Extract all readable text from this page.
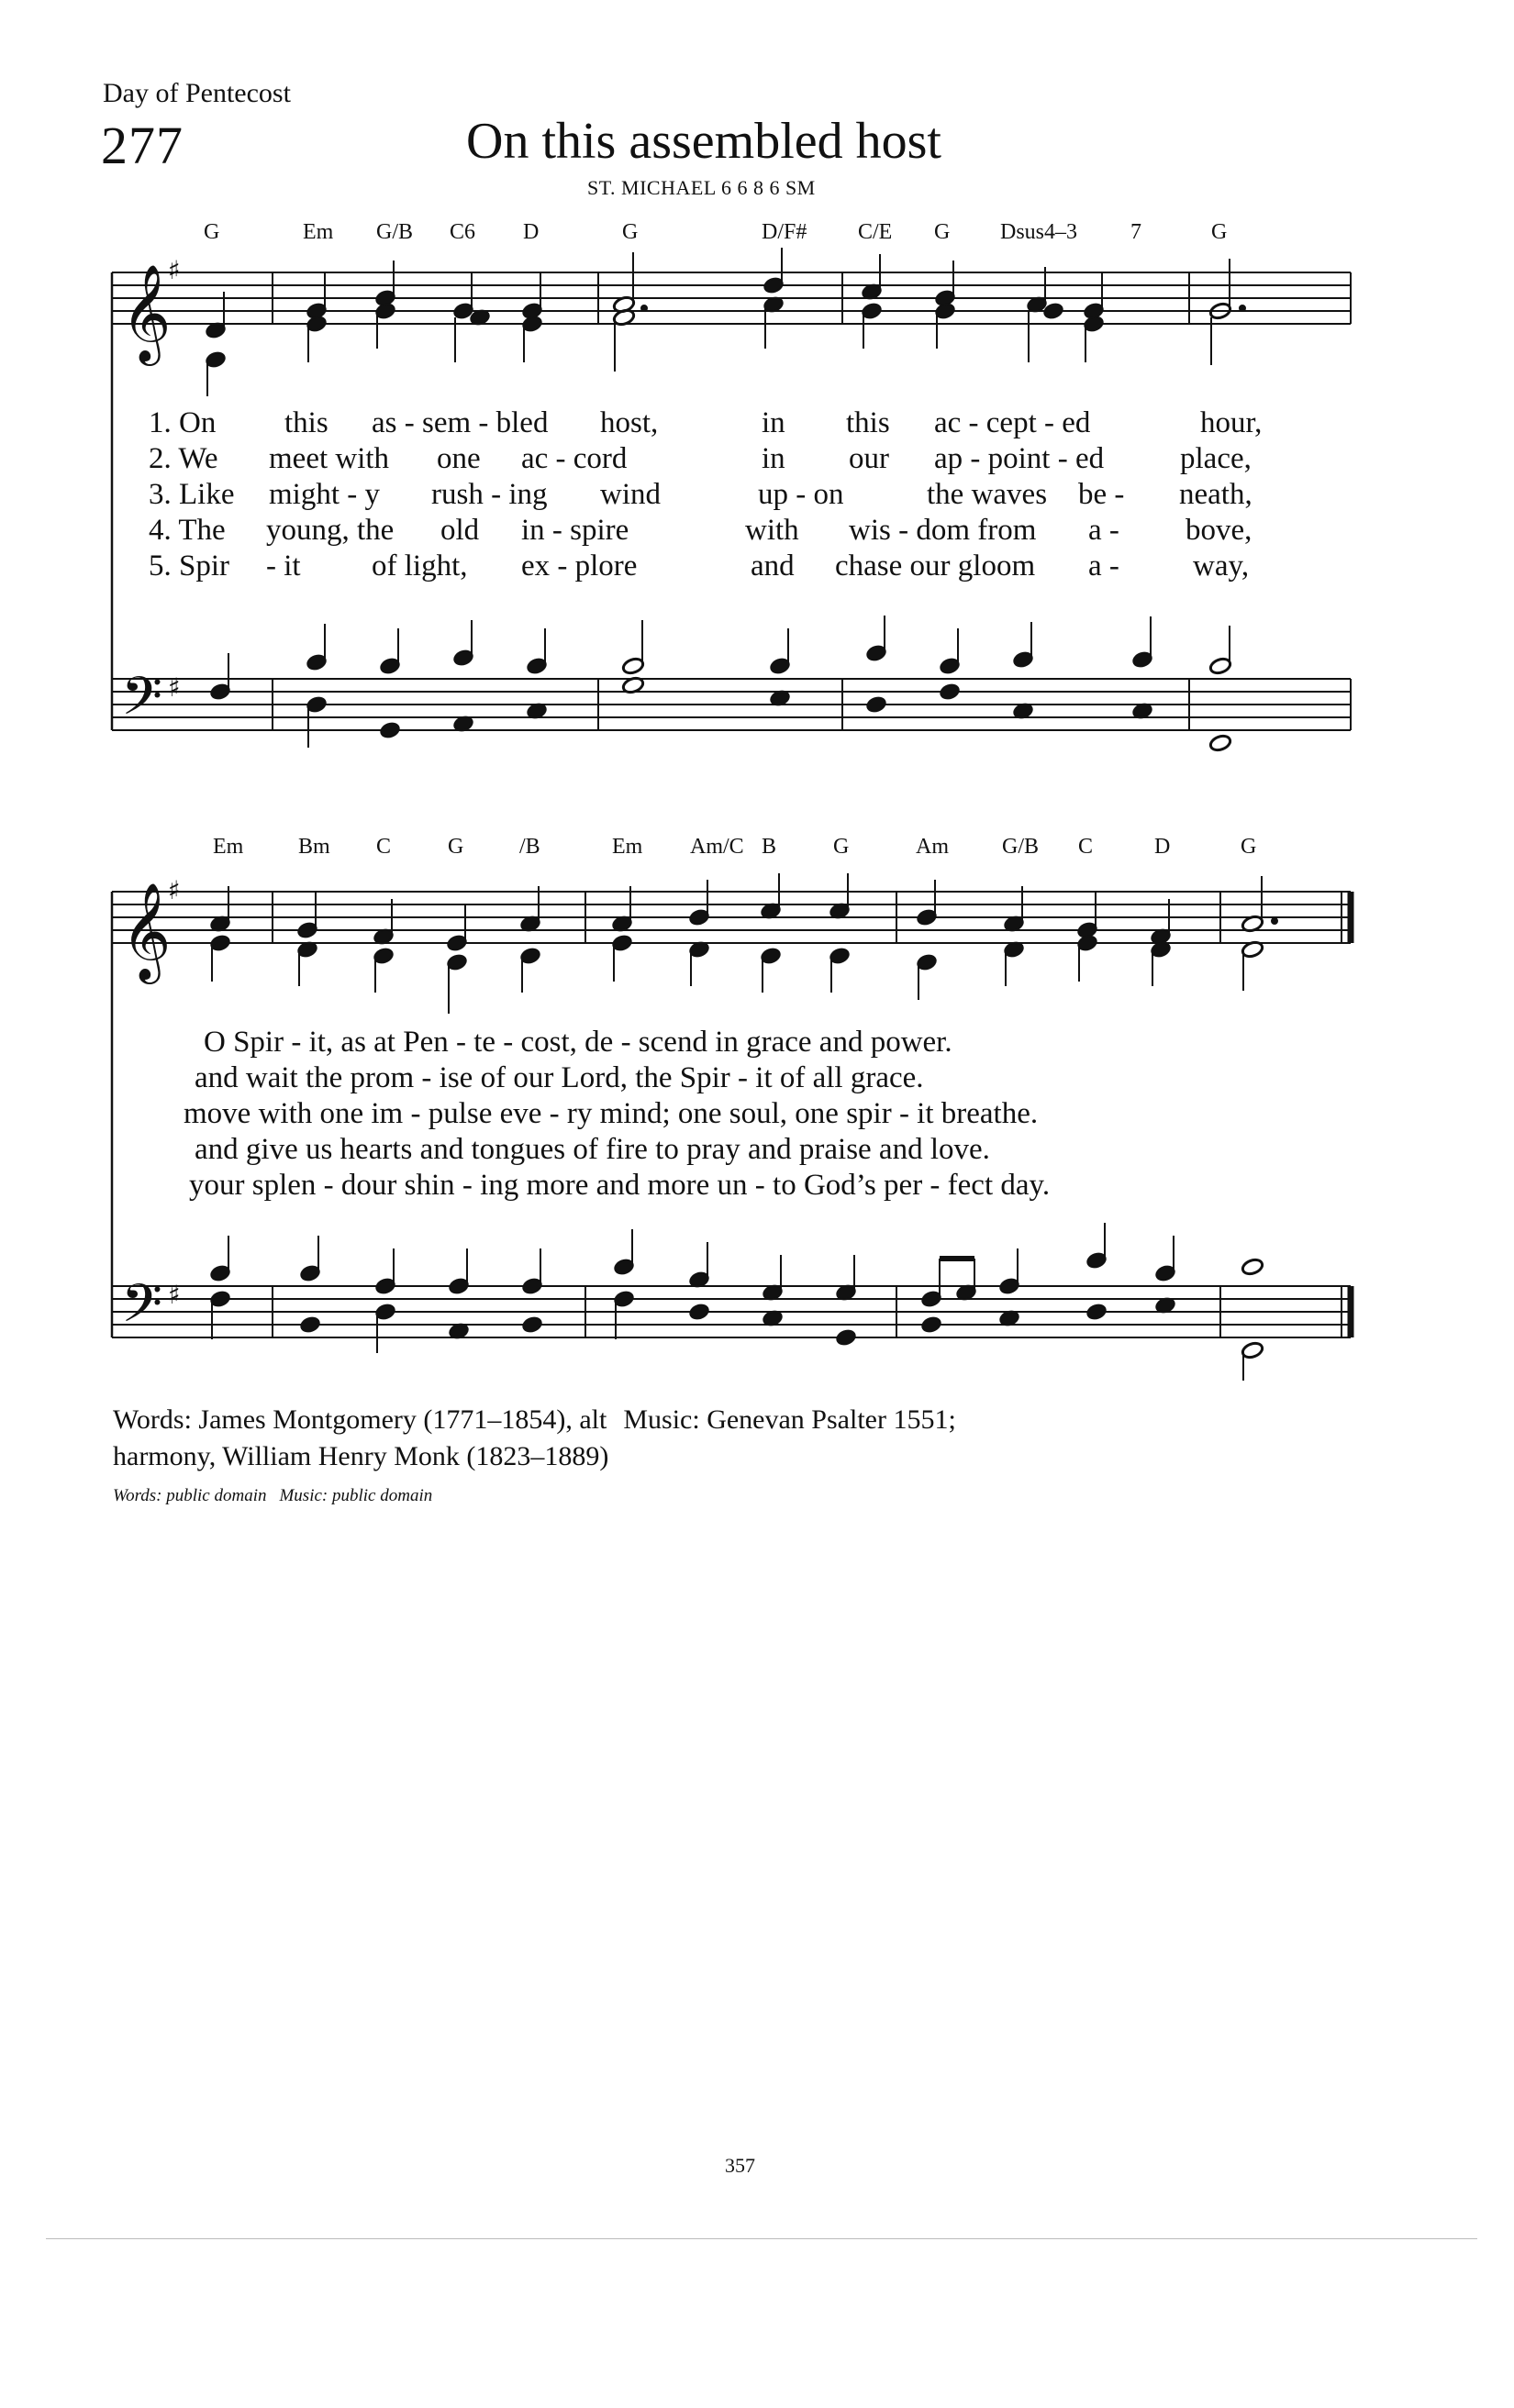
Day of Pentecost
277	On this assembled host
ST. MICHAEL 6 6 8 6 SM
G	Em G/B C6 D	G	D/F# C/E G Dsus4–3 7	G
Em Bm C	G	/B	Em Am/C B	G	Am G/B C	D	G
𝄞
𝄢
𝄞
𝄢
♯
♯
♯
♯
1. On this as - sem - bled host,	in this ac - cept - ed	hour,
2. We meet with one ac - cord	in our ap - point - ed	place,
3. Like might - y rush - ing wind	up - on	the waves be - neath,
4. The young, the old in - spire	with wis - dom from a - bove,
5. Spir - it of light, ex - plore	and chase our gloom a - way,
O Spir - it, as at Pen - te - cost, de - scend in grace and power.
and wait the prom - ise of our Lord, the Spir - it of all grace.
move with one im - pulse eve - ry mind; one soul, one spir - it breathe.
and give us hearts and tongues of fire to pray and praise and love.
your splen - dour shin - ing more and more un - to God’s per - fect day.
Words: James Montgomery (1771–1854), alt Music: Genevan Psalter 1551;
harmony, William Henry Monk (1823–1889)
Words: public domain Music: public domain
357
